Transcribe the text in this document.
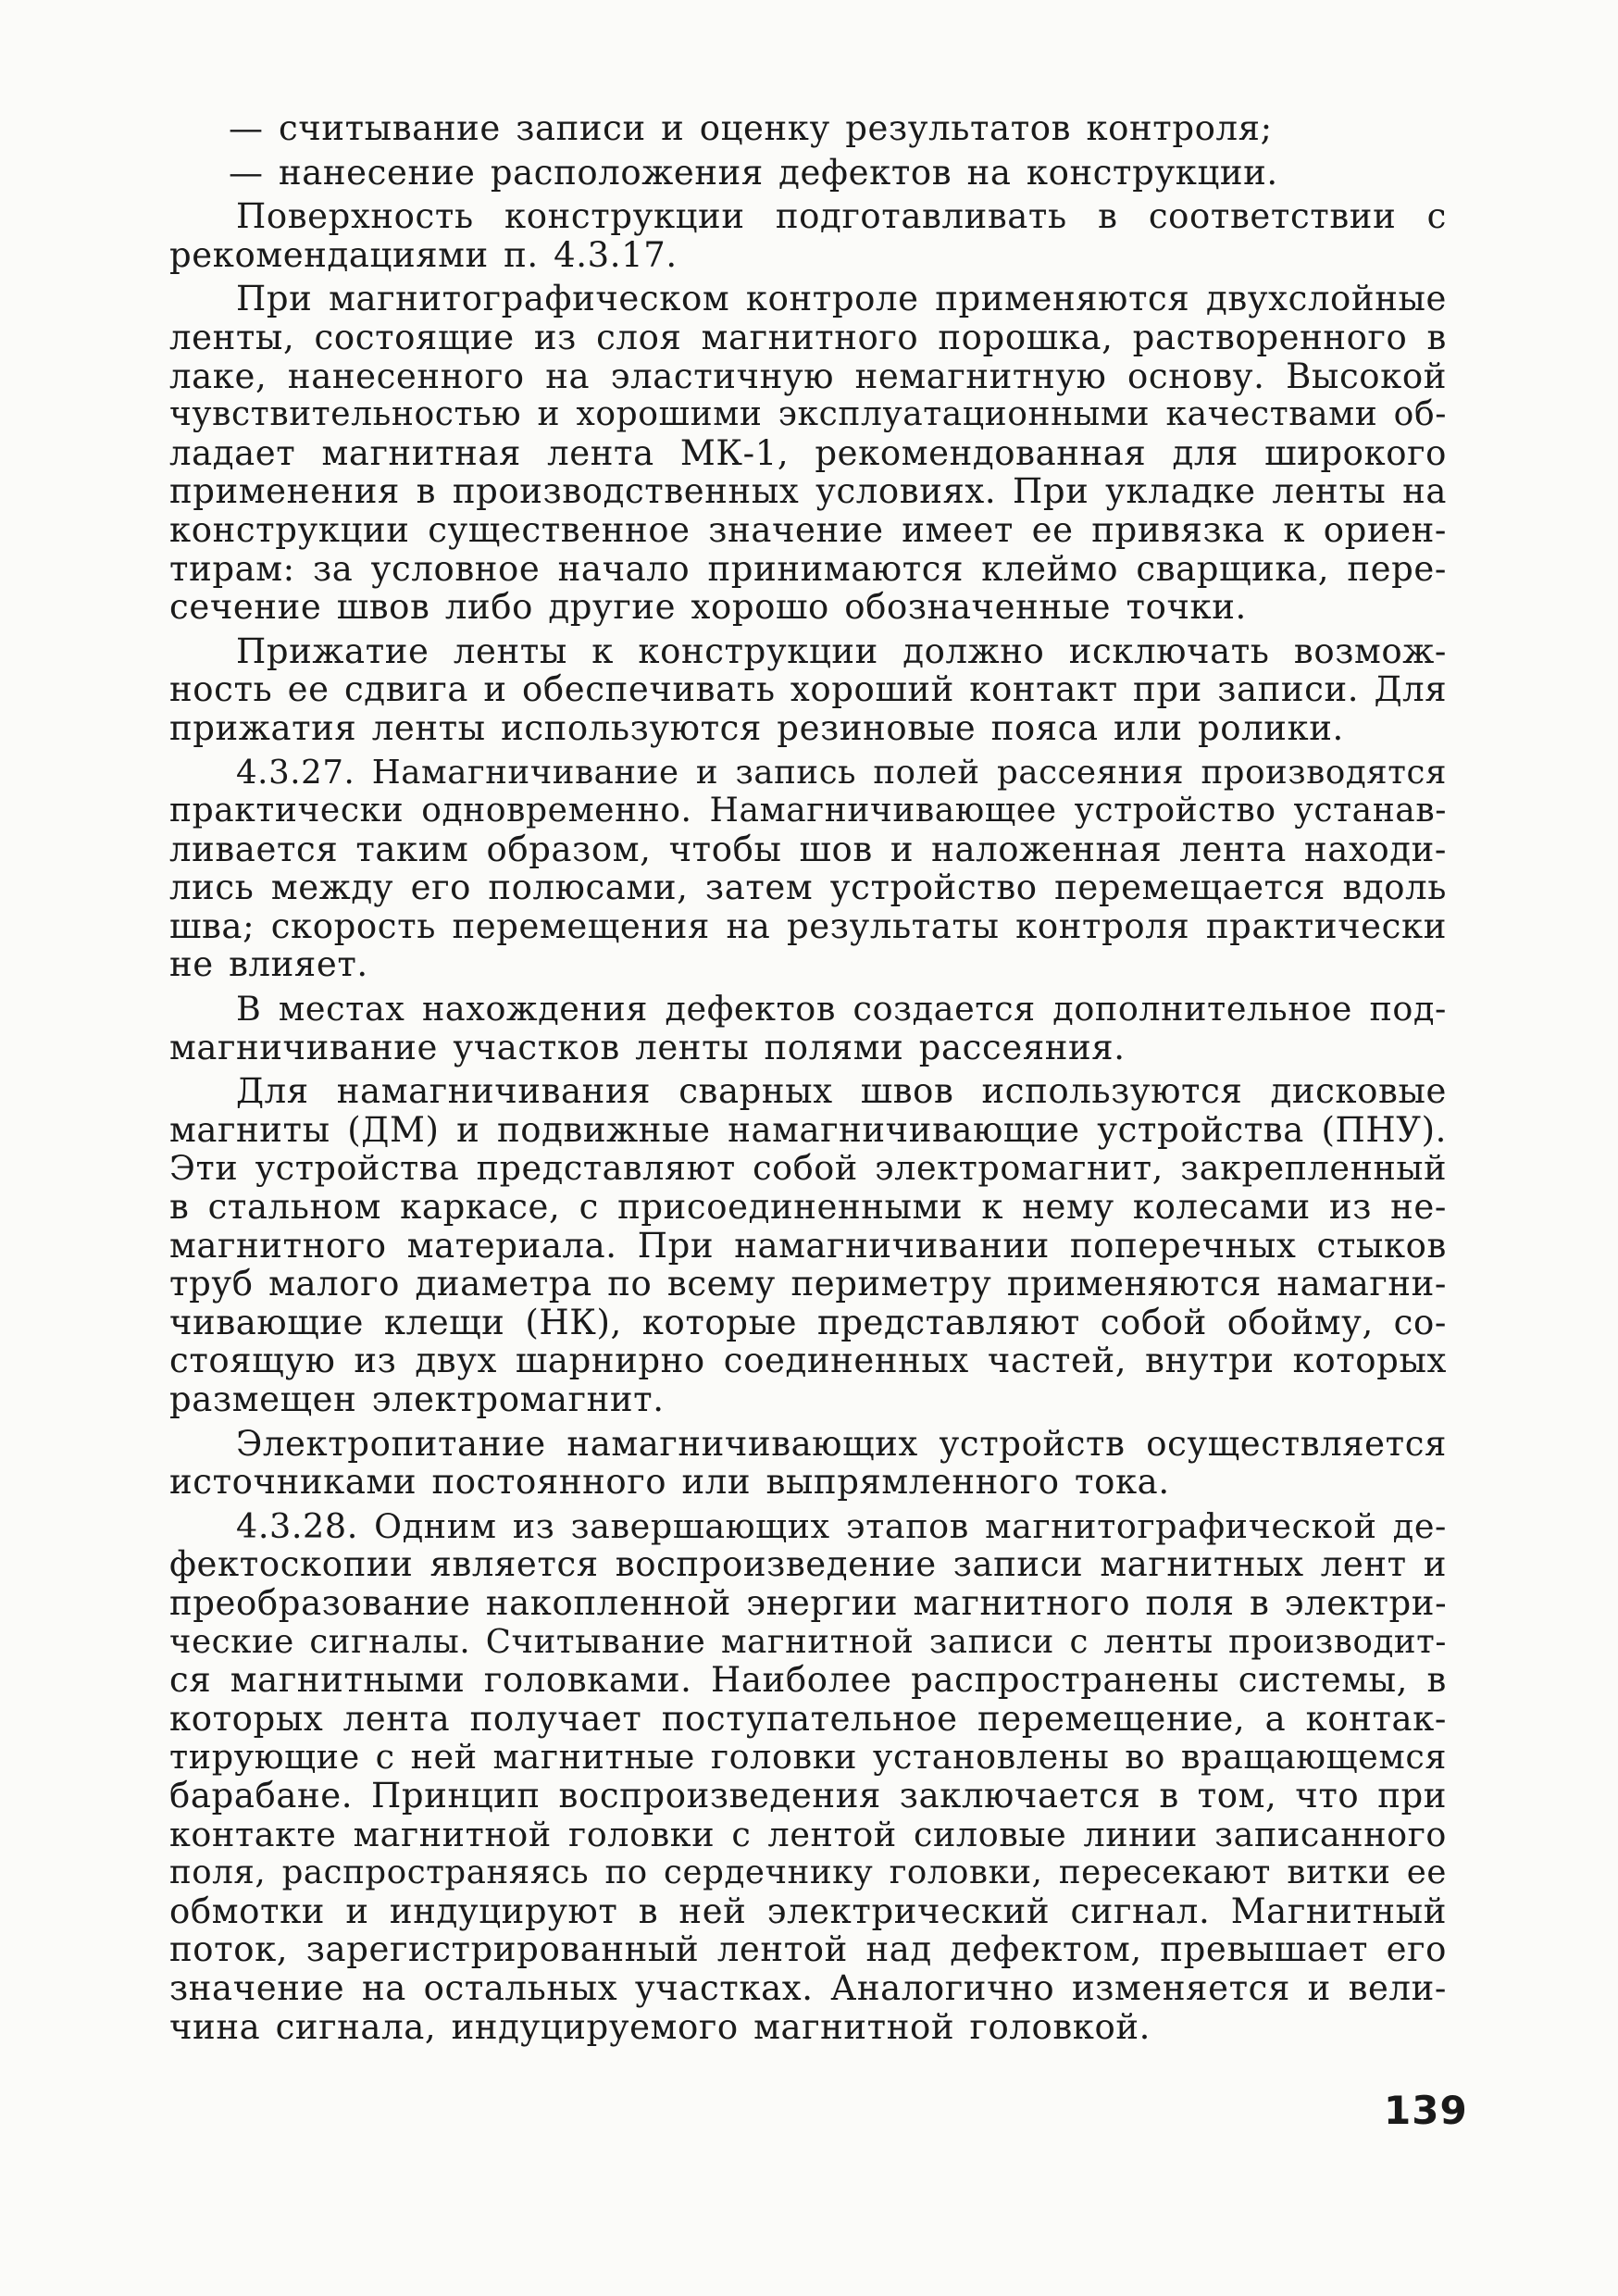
— считывание записи и оценку результатов контроля;
— нанесение расположения дефектов на конструкции.
Поверхность конструкции подготавливать в соответствии с
рекомендациями п. 4.3.17.
При магнитографическом контроле применяются двухслойные
ленты, состоящие из слоя магнитного порошка, растворенного в
лаке, нанесенного на эластичную немагнитную основу. Высокой
чувствительностью и хорошими эксплуатационными качествами об-
ладает магнитная лента МК-1, рекомендованная для широкого
применения в производственных условиях. При укладке ленты на
конструкции существенное значение имеет ее привязка к ориен-
тирам: за условное начало принимаются клеймо сварщика, пере-
сечение швов либо другие хорошо обозначенные точки.
Прижатие ленты к конструкции должно исключать возмож-
ность ее сдвига и обеспечивать хороший контакт при записи. Для
прижатия ленты используются резиновые пояса или ролики.
4.3.27. Намагничивание и запись полей рассеяния производятся
практически одновременно. Намагничивающее устройство устанав-
ливается таким образом, чтобы шов и наложенная лента находи-
лись между его полюсами, затем устройство перемещается вдоль
шва; скорость перемещения на результаты контроля практически
не влияет.
В местах нахождения дефектов создается дополнительное под-
магничивание участков ленты полями рассеяния.
Для намагничивания сварных швов используются дисковые
магниты (ДМ) и подвижные намагничивающие устройства (ПНУ).
Эти устройства представляют собой электромагнит, закрепленный
в стальном каркасе, с присоединенными к нему колесами из не-
магнитного материала. При намагничивании поперечных стыков
труб малого диаметра по всему периметру применяются намагни-
чивающие клещи (НК), которые представляют собой обойму, со-
стоящую из двух шарнирно соединенных частей, внутри которых
размещен электромагнит.
Электропитание намагничивающих устройств осуществляется
источниками постоянного или выпрямленного тока.
4.3.28. Одним из завершающих этапов магнитографической де-
фектоскопии является воспроизведение записи магнитных лент и
преобразование накопленной энергии магнитного поля в электри-
ческие сигналы. Считывание магнитной записи с ленты производит-
ся магнитными головками. Наиболее распространены системы, в
которых лента получает поступательное перемещение, а контак-
тирующие с ней магнитные головки установлены во вращающемся
барабане. Принцип воспроизведения заключается в том, что при
контакте магнитной головки с лентой силовые линии записанного
поля, распространяясь по сердечнику головки, пересекают витки ее
обмотки и индуцируют в ней электрический сигнал. Магнитный
поток, зарегистрированный лентой над дефектом, превышает его
значение на остальных участках. Аналогично изменяется и вели-
чина сигнала, индуцируемого магнитной головкой.
139
